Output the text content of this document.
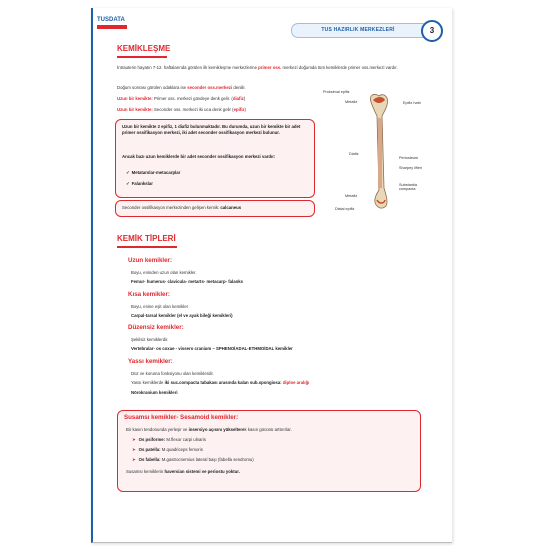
TUSDATA
TUS HAZIRLIK MERKEZLERİ	3
KEMİKLEŞME
İntrauterin hayatın 7-12. haftalarında görülen ilk kemikleşme merkezlerine primer oss. merkezi doğumda tüm kemiklerde primer oss.merkezi vardır.
Doğum sonrası görülen odaklara ise seconder oss.merkezi denilir.
Uzun bir kemikte: Primer oss. merkezi gövdeye denk gelir. (diafiz)
Uzun bir kemikte: Seconder oss. merkezi iki uca denk gelir (epifiz)
Uzun bir kemikte 2 epifiz, 1 diafiz bulunmaktadır. Bu durumda, uzun bir kemikte bir adet primer ossifikasyon merkezi, iki adet seconder ossifikasyon merkezi bulunur.
Ancak bazı uzun kemiklerde bir adet seconder ossifikasyon merkezi vardır:
✓ Metatarslar-metacarplar
✓ Falankslar
Seconder ossifikasyon merkezinden gelişen kemik: calcaneus
Proksimal epifiz
Metafiz
Diafiz
Metafiz
Distal epifiz
Epifiz hattı
Periosteum
Sharpey lifleri
Substantia compacta
KEMİK TİPLERİ
Uzun kemikler:
Boyu, eninden uzun olan kemikler.
Femur- humerus- clavicula- metarts- metacarp- falanks
Kısa kemikler:
Boyu, enine eşit olan kemikler
Carpal-tarsal kemikler (el ve ayak bileği kemikleri)
Düzensiz kemikler:
Şekilsiz kemiklerdir.
Vertebralar- os coxae - vissero cranium – SPHENOİADAL-ETHMOİDAL kemikler
Yassı kemikler:
Düz ve koruma fonksiyonu olan kemiklerdir.
Yassı kemiklerde iki suc.compacta tabakası arasında kalan sub.spongiosa: diploe aralığı
Nörokranium kemikleri
Susamsı kemikler- Sesamoid kemikler:
Bir kasın tendonunda yerleşir ve insersiyo açısını yükselterek kasın gücünü arttırırlar.
➤ Os psiforme: M.flexor carpi ulnaris
➤ Os patella: M.quadriceps femoris
➤ Os fabella: M.gastrocnemius lateral başı (fabella sendromu)
Susamsı kemiklerin haversian sistemi ve periostu yoktur.
